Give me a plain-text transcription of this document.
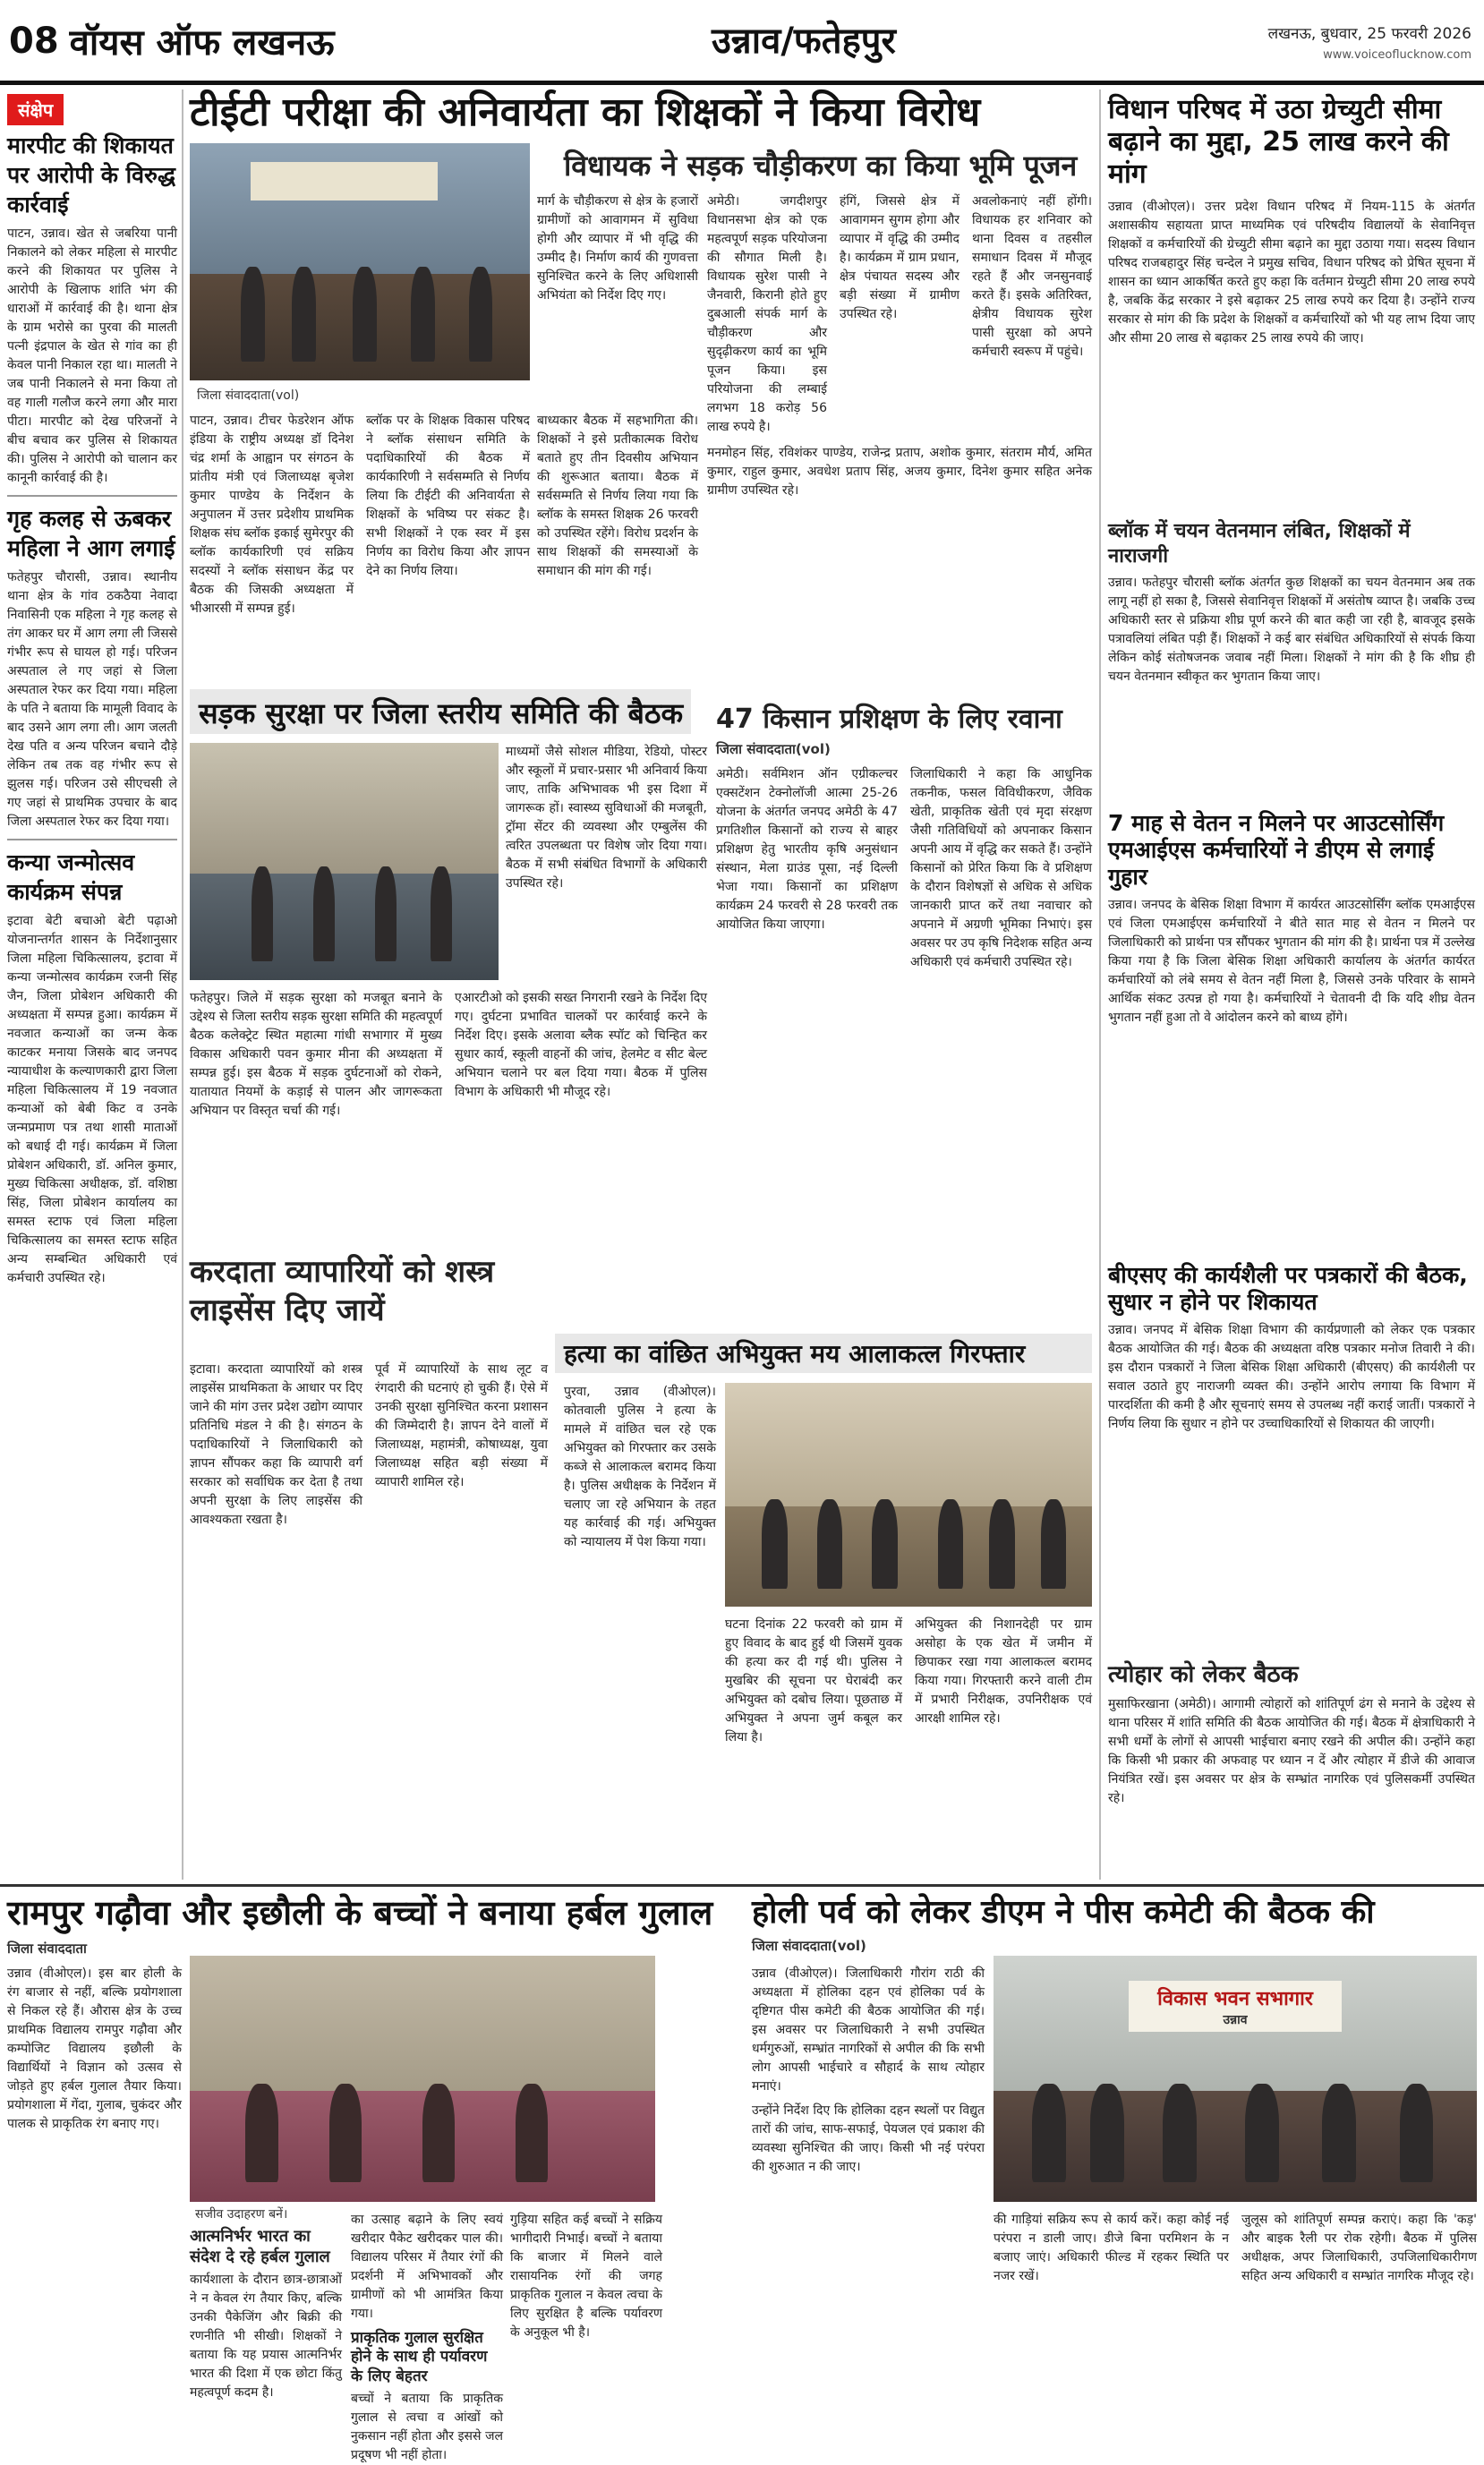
08 वॉयस ऑफ लखनऊ	उन्नाव/फतेहपुर	लखनऊ, बुधवार, 25 फरवरी 2026
www.voiceoflucknow.com
संक्षेप
मारपीट की शिकायत पर आरोपी के विरुद्ध कार्रवाई
पाटन, उन्नाव। खेत से जबरिया पानी निकालने को लेकर महिला से मारपीट करने की शिकायत पर पुलिस ने आरोपी के खिलाफ शांति भंग की धाराओं में कार्रवाई की है। थाना क्षेत्र के ग्राम भरोसे का पुरवा की मालती पत्नी इंद्रपाल के खेत से गांव का ही केवल पानी निकाल रहा था। मालती ने जब पानी निकालने से मना किया तो वह गाली गलौज करने लगा और मारा पीटा। मारपीट को देख परिजनों ने बीच बचाव कर पुलिस से शिकायत की। पुलिस ने आरोपी को चालान कर कानूनी कार्रवाई की है।
गृह कलह से ऊबकर महिला ने आग लगाई
फतेहपुर चौरासी, उन्नाव। स्थानीय थाना क्षेत्र के गांव ठकठैया नेवादा निवासिनी एक महिला ने गृह कलह से तंग आकर घर में आग लगा ली जिससे गंभीर रूप से घायल हो गई। परिजन अस्पताल ले गए जहां से जिला अस्पताल रेफर कर दिया गया। महिला के पति ने बताया कि मामूली विवाद के बाद उसने आग लगा ली। आग जलती देख पति व अन्य परिजन बचाने दौड़े लेकिन तब तक वह गंभीर रूप से झुलस गई। परिजन उसे सीएचसी ले गए जहां से प्राथमिक उपचार के बाद जिला अस्पताल रेफर कर दिया गया।
कन्या जन्मोत्सव कार्यक्रम संपन्न
इटावा बेटी बचाओ बेटी पढ़ाओ योजनान्तर्गत शासन के निर्देशानुसार जिला महिला चिकित्सालय, इटावा में कन्या जन्मोत्सव कार्यक्रम रजनी सिंह जैन, जिला प्रोबेशन अधिकारी की अध्यक्षता में सम्पन्न हुआ। कार्यक्रम में नवजात कन्याओं का जन्म केक काटकर मनाया जिसके बाद जनपद न्यायाधीश के कल्याणकारी द्वारा जिला महिला चिकित्सालय में 19 नवजात कन्याओं को बेबी किट व उनके जन्मप्रमाण पत्र तथा शासी माताओं को बधाई दी गई। कार्यक्रम में जिला प्रोबेशन अधिकारी, डॉ. अनिल कुमार, मुख्य चिकित्सा अधीक्षक, डॉ. वशिष्ठा सिंह, जिला प्रोबेशन कार्यालय का समस्त स्टाफ एवं जिला महिला चिकित्सालय का समस्त स्टाफ सहित अन्य सम्बन्धित अधिकारी एवं कर्मचारी उपस्थित रहे।
टीईटी परीक्षा की अनिवार्यता का शिक्षकों ने किया विरोध
जिला संवाददाता(vol)
पाटन, उन्नाव। टीचर फेडरेशन ऑफ इंडिया के राष्ट्रीय अध्यक्ष डॉ दिनेश चंद्र शर्मा के आह्वान पर संगठन के प्रांतीय मंत्री एवं जिलाध्यक्ष बृजेश कुमार पाण्डेय के निर्देशन के अनुपालन में उत्तर प्रदेशीय प्राथमिक शिक्षक संघ ब्लॉक इकाई सुमेरपुर की ब्लॉक कार्यकारिणी एवं सक्रिय सदस्यों ने ब्लॉक संसाधन केंद्र पर बैठक की जिसकी अध्यक्षता में भीआरसी में सम्पन्न हुई।
ब्लॉक पर के शिक्षक विकास परिषद ने ब्लॉक संसाधन समिति के पदाधिकारियों की बैठक में कार्यकारिणी ने सर्वसम्मति से निर्णय लिया कि टीईटी की अनिवार्यता से शिक्षकों के भविष्य पर संकट है। सभी शिक्षकों ने एक स्वर में इस निर्णय का विरोध किया और ज्ञापन देने का निर्णय लिया।
बाध्यकार बैठक में सहभागिता की। शिक्षकों ने इसे प्रतीकात्मक विरोध बताते हुए तीन दिवसीय अभियान की शुरूआत बताया। बैठक में सर्वसम्मति से निर्णय लिया गया कि ब्लॉक के समस्त शिक्षक 26 फरवरी को उपस्थित रहेंगे। विरोध प्रदर्शन के साथ शिक्षकों की समस्याओं के समाधान की मांग की गई।
विधायक ने सड़क चौड़ीकरण का किया भूमि पूजन
अमेठी। जगदीशपुर विधानसभा क्षेत्र को एक महत्वपूर्ण सड़क परियोजना की सौगात मिली है। विधायक सुरेश पासी ने जैनवारी, किरानी होते हुए दुबआली संपर्क मार्ग के चौड़ीकरण और सुदृढ़ीकरण कार्य का भूमि पूजन किया। इस परियोजना की लम्बाई लगभग 18 करोड़ 56 लाख रुपये है।
हंगिं, जिससे क्षेत्र में आवागमन सुगम होगा और व्यापार में वृद्धि की उम्मीद है। कार्यक्रम में ग्राम प्रधान, क्षेत्र पंचायत सदस्य और बड़ी संख्या में ग्रामीण उपस्थित रहे।
अवलोकनाएं नहीं होंगी। विधायक हर शनिवार को थाना दिवस व तहसील समाधान दिवस में मौजूद रहते हैं और जनसुनवाई करते हैं। इसके अतिरिक्त, क्षेत्रीय विधायक सुरेश पासी सुरक्षा को अपने कर्मचारी स्वरूप में पहुंचे।
मनमोहन सिंह, रविशंकर पाण्डेय, राजेन्द्र प्रताप, अशोक कुमार, संतराम मौर्य, अमित कुमार, राहुल कुमार, अवधेश प्रताप सिंह, अजय कुमार, दिनेश कुमार सहित अनेक ग्रामीण उपस्थित रहे।
मार्ग के चौड़ीकरण से क्षेत्र के हजारों ग्रामीणों को आवागमन में सुविधा होगी और व्यापार में भी वृद्धि की उम्मीद है। निर्माण कार्य की गुणवत्ता सुनिश्चित करने के लिए अधिशासी अभियंता को निर्देश दिए गए।
सड़क सुरक्षा पर जिला स्तरीय समिति की बैठक
माध्यमों जैसे सोशल मीडिया, रेडियो, पोस्टर और स्कूलों में प्रचार-प्रसार भी अनिवार्य किया जाए, ताकि अभिभावक भी इस दिशा में जागरूक हों। स्वास्थ्य सुविधाओं की मजबूती, ट्रॉमा सेंटर की व्यवस्था और एम्बुलेंस की त्वरित उपलब्धता पर विशेष जोर दिया गया। बैठक में सभी संबंधित विभागों के अधिकारी उपस्थित रहे।
फतेहपुर। जिले में सड़क सुरक्षा को मजबूत बनाने के उद्देश्य से जिला स्तरीय सड़क सुरक्षा समिति की महत्वपूर्ण बैठक कलेक्ट्रेट स्थित महात्मा गांधी सभागार में मुख्य विकास अधिकारी पवन कुमार मीना की अध्यक्षता में सम्पन्न हुई। इस बैठक में सड़क दुर्घटनाओं को रोकने, यातायात नियमों के कड़ाई से पालन और जागरूकता अभियान पर विस्तृत चर्चा की गई।
एआरटीओ को इसकी सख्त निगरानी रखने के निर्देश दिए गए। दुर्घटना प्रभावित चालकों पर कार्रवाई करने के निर्देश दिए। इसके अलावा ब्लैक स्पॉट को चिन्हित कर सुधार कार्य, स्कूली वाहनों की जांच, हेलमेट व सीट बेल्ट अभियान चलाने पर बल दिया गया। बैठक में पुलिस विभाग के अधिकारी भी मौजूद रहे।
47 किसान प्रशिक्षण के लिए रवाना
जिला संवाददाता(vol)
अमेठी। सर्वमिशन ऑन एग्रीकल्चर एक्सटेंशन टेक्नोलॉजी आत्मा 25-26 योजना के अंतर्गत जनपद अमेठी के 47 प्रगतिशील किसानों को राज्य से बाहर प्रशिक्षण हेतु भारतीय कृषि अनुसंधान संस्थान, मेला ग्राउंड पूसा, नई दिल्ली भेजा गया। किसानों का प्रशिक्षण कार्यक्रम 24 फरवरी से 28 फरवरी तक आयोजित किया जाएगा।
जिलाधिकारी ने कहा कि आधुनिक तकनीक, फसल विविधीकरण, जैविक खेती, प्राकृतिक खेती एवं मृदा संरक्षण जैसी गतिविधियों को अपनाकर किसान अपनी आय में वृद्धि कर सकते हैं। उन्होंने किसानों को प्रेरित किया कि वे प्रशिक्षण के दौरान विशेषज्ञों से अधिक से अधिक जानकारी प्राप्त करें तथा नवाचार को अपनाने में अग्रणी भूमिका निभाएं। इस अवसर पर उप कृषि निदेशक सहित अन्य अधिकारी एवं कर्मचारी उपस्थित रहे।
करदाता व्यापारियों को शस्त्र लाइसेंस दिए जायें
इटावा। करदाता व्यापारियों को शस्त्र लाइसेंस प्राथमिकता के आधार पर दिए जाने की मांग उत्तर प्रदेश उद्योग व्यापार प्रतिनिधि मंडल ने की है। संगठन के पदाधिकारियों ने जिलाधिकारी को ज्ञापन सौंपकर कहा कि व्यापारी वर्ग सरकार को सर्वाधिक कर देता है तथा अपनी सुरक्षा के लिए लाइसेंस की आवश्यकता रखता है।
पूर्व में व्यापारियों के साथ लूट व रंगदारी की घटनाएं हो चुकी हैं। ऐसे में उनकी सुरक्षा सुनिश्चित करना प्रशासन की जिम्मेदारी है। ज्ञापन देने वालों में जिलाध्यक्ष, महामंत्री, कोषाध्यक्ष, युवा जिलाध्यक्ष सहित बड़ी संख्या में व्यापारी शामिल रहे।
हत्या का वांछित अभियुक्त मय आलाकत्ल गिरफ्तार
पुरवा, उन्नाव (वीओएल)। कोतवाली पुलिस ने हत्या के मामले में वांछित चल रहे एक अभियुक्त को गिरफ्तार कर उसके कब्जे से आलाकत्ल बरामद किया है। पुलिस अधीक्षक के निर्देशन में चलाए जा रहे अभियान के तहत यह कार्रवाई की गई। अभियुक्त को न्यायालय में पेश किया गया।
घटना दिनांक 22 फरवरी को ग्राम में हुए विवाद के बाद हुई थी जिसमें युवक की हत्या कर दी गई थी। पुलिस ने मुखबिर की सूचना पर घेराबंदी कर अभियुक्त को दबोच लिया। पूछताछ में अभियुक्त ने अपना जुर्म कबूल कर लिया है।
अभियुक्त की निशानदेही पर ग्राम असोहा के एक खेत में जमीन में छिपाकर रखा गया आलाकत्ल बरामद किया गया। गिरफ्तारी करने वाली टीम में प्रभारी निरीक्षक, उपनिरीक्षक एवं आरक्षी शामिल रहे।
विधान परिषद में उठा ग्रेच्युटी सीमा बढ़ाने का मुद्दा, 25 लाख करने की मांग
उन्नाव (वीओएल)। उत्तर प्रदेश विधान परिषद में नियम-115 के अंतर्गत अशासकीय सहायता प्राप्त माध्यमिक एवं परिषदीय विद्यालयों के सेवानिवृत्त शिक्षकों व कर्मचारियों की ग्रेच्युटी सीमा बढ़ाने का मुद्दा उठाया गया। सदस्य विधान परिषद राजबहादुर सिंह चन्देल ने प्रमुख सचिव, विधान परिषद को प्रेषित सूचना में शासन का ध्यान आकर्षित करते हुए कहा कि वर्तमान ग्रेच्युटी सीमा 20 लाख रुपये है, जबकि केंद्र सरकार ने इसे बढ़ाकर 25 लाख रुपये कर दिया है। उन्होंने राज्य सरकार से मांग की कि प्रदेश के शिक्षकों व कर्मचारियों को भी यह लाभ दिया जाए और सीमा 20 लाख से बढ़ाकर 25 लाख रुपये की जाए।
ब्लॉक में चयन वेतनमान लंबित, शिक्षकों में नाराजगी
उन्नाव। फतेहपुर चौरासी ब्लॉक अंतर्गत कुछ शिक्षकों का चयन वेतनमान अब तक लागू नहीं हो सका है, जिससे सेवानिवृत्त शिक्षकों में असंतोष व्याप्त है। जबकि उच्च अधिकारी स्तर से प्रक्रिया शीघ्र पूर्ण करने की बात कही जा रही है, बावजूद इसके पत्रावलियां लंबित पड़ी हैं। शिक्षकों ने कई बार संबंधित अधिकारियों से संपर्क किया लेकिन कोई संतोषजनक जवाब नहीं मिला। शिक्षकों ने मांग की है कि शीघ्र ही चयन वेतनमान स्वीकृत कर भुगतान किया जाए।
7 माह से वेतन न मिलने पर आउटसोर्सिंग एमआईएस कर्मचारियों ने डीएम से लगाई गुहार
उन्नाव। जनपद के बेसिक शिक्षा विभाग में कार्यरत आउटसोर्सिंग ब्लॉक एमआईएस एवं जिला एमआईएस कर्मचारियों ने बीते सात माह से वेतन न मिलने पर जिलाधिकारी को प्रार्थना पत्र सौंपकर भुगतान की मांग की है। प्रार्थना पत्र में उल्लेख किया गया है कि जिला बेसिक शिक्षा अधिकारी कार्यालय के अंतर्गत कार्यरत कर्मचारियों को लंबे समय से वेतन नहीं मिला है, जिससे उनके परिवार के सामने आर्थिक संकट उत्पन्न हो गया है। कर्मचारियों ने चेतावनी दी कि यदि शीघ्र वेतन भुगतान नहीं हुआ तो वे आंदोलन करने को बाध्य होंगे।
बीएसए की कार्यशैली पर पत्रकारों की बैठक, सुधार न होने पर शिकायत
उन्नाव। जनपद में बेसिक शिक्षा विभाग की कार्यप्रणाली को लेकर एक पत्रकार बैठक आयोजित की गई। बैठक की अध्यक्षता वरिष्ठ पत्रकार मनोज तिवारी ने की। इस दौरान पत्रकारों ने जिला बेसिक शिक्षा अधिकारी (बीएसए) की कार्यशैली पर सवाल उठाते हुए नाराजगी व्यक्त की। उन्होंने आरोप लगाया कि विभाग में पारदर्शिता की कमी है और सूचनाएं समय से उपलब्ध नहीं कराई जातीं। पत्रकारों ने निर्णय लिया कि सुधार न होने पर उच्चाधिकारियों से शिकायत की जाएगी।
त्योहार को लेकर बैठक
मुसाफिरखाना (अमेठी)। आगामी त्योहारों को शांतिपूर्ण ढंग से मनाने के उद्देश्य से थाना परिसर में शांति समिति की बैठक आयोजित की गई। बैठक में क्षेत्राधिकारी ने सभी धर्मों के लोगों से आपसी भाईचारा बनाए रखने की अपील की। उन्होंने कहा कि किसी भी प्रकार की अफवाह पर ध्यान न दें और त्योहार में डीजे की आवाज नियंत्रित रखें। इस अवसर पर क्षेत्र के सम्भ्रांत नागरिक एवं पुलिसकर्मी उपस्थित रहे।
रामपुर गढ़ौवा और इछौली के बच्चों ने बनाया हर्बल गुलाल
जिला संवाददाता
उन्नाव (वीओएल)। इस बार होली के रंग बाजार से नहीं, बल्कि प्रयोगशाला से निकल रहे हैं। औरास क्षेत्र के उच्च प्राथमिक विद्यालय रामपुर गढ़ौवा और कम्पोजिट विद्यालय इछौली के विद्यार्थियों ने विज्ञान को उत्सव से जोड़ते हुए हर्बल गुलाल तैयार किया। प्रयोगशाला में गेंदा, गुलाब, चुकंदर और पालक से प्राकृतिक रंग बनाए गए।
सजीव उदाहरण बनें।
आत्मनिर्भर भारत का संदेश दे रहे हर्बल गुलाल
कार्यशाला के दौरान छात्र-छात्राओं ने न केवल रंग तैयार किए, बल्कि उनकी पैकेजिंग और बिक्री की रणनीति भी सीखी। शिक्षकों ने बताया कि यह प्रयास आत्मनिर्भर भारत की दिशा में एक छोटा किंतु महत्वपूर्ण कदम है।
का उत्साह बढ़ाने के लिए स्वयं खरीदार पैकेट खरीदकर पाल की। विद्यालय परिसर में तैयार रंगों की प्रदर्शनी में अभिभावकों और ग्रामीणों को भी आमंत्रित किया गया।
प्राकृतिक गुलाल सुरक्षित होने के साथ ही पर्यावरण के लिए बेहतर
बच्चों ने बताया कि प्राकृतिक गुलाल से त्वचा व आंखों को नुकसान नहीं होता और इससे जल प्रदूषण भी नहीं होता।
गुड़िया सहित कई बच्चों ने सक्रिय भागीदारी निभाई। बच्चों ने बताया कि बाजार में मिलने वाले रासायनिक रंगों की जगह प्राकृतिक गुलाल न केवल त्वचा के लिए सुरक्षित है बल्कि पर्यावरण के अनुकूल भी है।
होली पर्व को लेकर डीएम ने पीस कमेटी की बैठक की
जिला संवाददाता(vol)
उन्नाव (वीओएल)। जिलाधिकारी गौरांग राठी की अध्यक्षता में होलिका दहन एवं होलिका पर्व के दृष्टिगत पीस कमेटी की बैठक आयोजित की गई। इस अवसर पर जिलाधिकारी ने सभी उपस्थित धर्मगुरुओं, सम्भ्रांत नागरिकों से अपील की कि सभी लोग आपसी भाईचारे व सौहार्द के साथ त्योहार मनाएं।
उन्होंने निर्देश दिए कि होलिका दहन स्थलों पर विद्युत तारों की जांच, साफ-सफाई, पेयजल एवं प्रकाश की व्यवस्था सुनिश्चित की जाए। किसी भी नई परंपरा की शुरुआत न की जाए।
विकास भवन सभागार
उन्नाव
की गाड़ियां सक्रिय रूप से कार्य करें। कहा कोई नई परंपरा न डाली जाए। डीजे बिना परमिशन के न बजाए जाएं। अधिकारी फील्ड में रहकर स्थिति पर नजर रखें।
जुलूस को शांतिपूर्ण सम्पन्न कराएं। कहा कि 'कड़' और बाइक रैली पर रोक रहेगी। बैठक में पुलिस अधीक्षक, अपर जिलाधिकारी, उपजिलाधिकारीगण सहित अन्य अधिकारी व सम्भ्रांत नागरिक मौजूद रहे।
